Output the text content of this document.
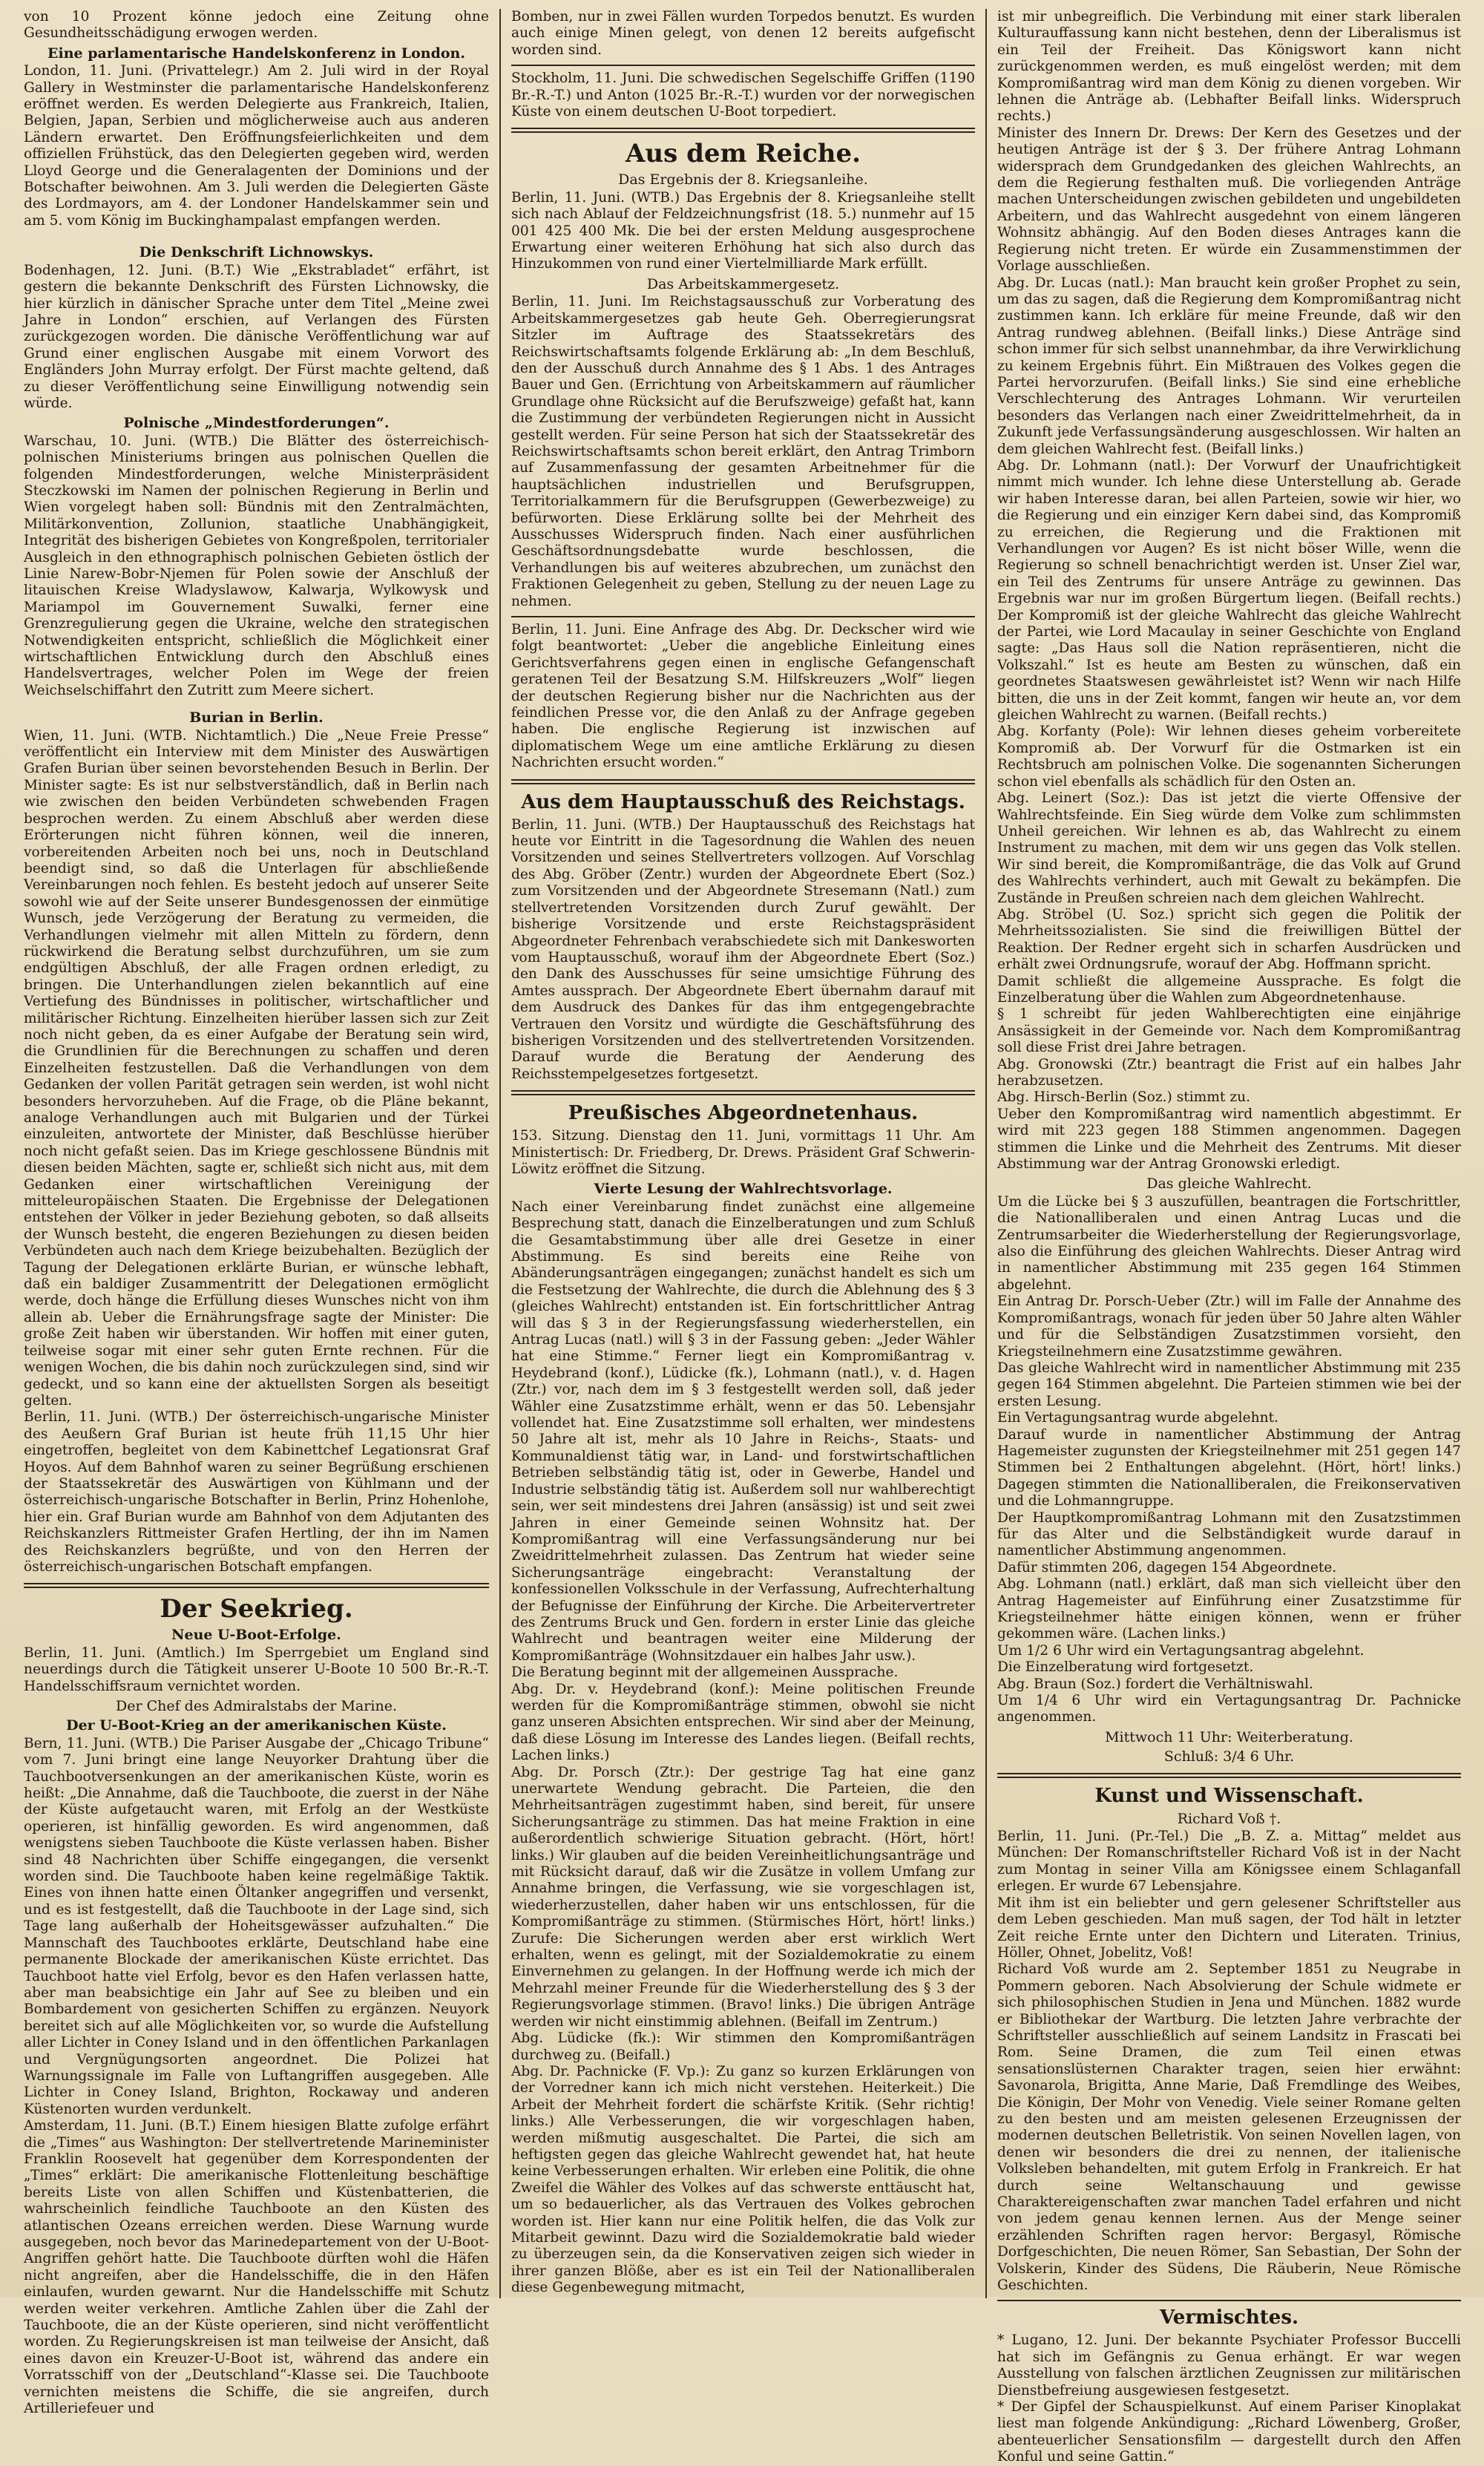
von 10 Prozent könne jedoch eine Zeitung ohne Gesundheitsschädigung erwogen werden.

Eine parlamentarische Handelskonferenz in London.

London, 11. Juni. (Privattelegr.) Am 2. Juli wird in der Royal Gallery in Westminster die parlamentarische Handelskonferenz eröffnet werden. Es werden Delegierte aus Frankreich, Italien, Belgien, Japan, Serbien und möglicherweise auch aus anderen Ländern erwartet. Den Eröffnungsfeierlichkeiten und dem offiziellen Frühstück, das den Delegierten gegeben wird, werden Lloyd George und die Generalagenten der Dominions und der Botschafter beiwohnen. Am 3. Juli werden die Delegierten Gäste des Lordmayors, am 4. der Londoner Handelskammer sein und am 5. vom König im Buckinghampalast empfangen werden.

Die Denkschrift Lichnowskys.

Bodenhagen, 12. Juni. (B.T.) Wie „Ekstrabladet“ erfährt, ist gestern die bekannte Denkschrift des Fürsten Lichnowsky, die hier kürzlich in dänischer Sprache unter dem Titel „Meine zwei Jahre in London“ erschien, auf Verlangen des Fürsten zurückgezogen worden. Die dänische Veröffentlichung war auf Grund einer englischen Ausgabe mit einem Vorwort des Engländers John Murray erfolgt. Der Fürst machte geltend, daß zu dieser Veröffentlichung seine Einwilligung notwendig sein würde.

Polnische „Mindestforderungen“.

Warschau, 10. Juni. (WTB.) Die Blätter des österreichisch-polnischen Ministeriums bringen aus polnischen Quellen die folgenden Mindestforderungen, welche Ministerpräsident Steczkowski im Namen der polnischen Regierung in Berlin und Wien vorgelegt haben soll: Bündnis mit den Zentralmächten, Militärkonvention, Zollunion, staatliche Unabhängigkeit, Integrität des bisherigen Gebietes von Kongreßpolen, territorialer Ausgleich in den ethnographisch polnischen Gebieten östlich der Linie Narew-Bobr-Njemen für Polen sowie der Anschluß der litauischen Kreise Wladyslawow, Kalwarja, Wylkowysk und Mariampol im Gouvernement Suwalki, ferner eine Grenzregulierung gegen die Ukraine, welche den strategischen Notwendigkeiten entspricht, schließlich die Möglichkeit einer wirtschaftlichen Entwicklung durch den Abschluß eines Handelsvertrages, welcher Polen im Wege der freien Weichselschiffahrt den Zutritt zum Meere sichert.

Burian in Berlin.

Wien, 11. Juni. (WTB. Nichtamtlich.) Die „Neue Freie Presse“ veröffentlicht ein Interview mit dem Minister des Auswärtigen Grafen Burian über seinen bevorstehenden Besuch in Berlin. Der Minister sagte: Es ist nur selbstverständlich, daß in Berlin nach wie zwischen den beiden Verbündeten schwebenden Fragen besprochen werden. Zu einem Abschluß aber werden diese Erörterungen nicht führen können, weil die inneren, vorbereitenden Arbeiten noch bei uns, noch in Deutschland beendigt sind, so daß die Unterlagen für abschließende Vereinbarungen noch fehlen. Es besteht jedoch auf unserer Seite sowohl wie auf der Seite unserer Bundesgenossen der einmütige Wunsch, jede Verzögerung der Beratung zu vermeiden, die Verhandlungen vielmehr mit allen Mitteln zu fördern, denn rückwirkend die Beratung selbst durchzuführen, um sie zum endgültigen Abschluß, der alle Fragen ordnen erledigt, zu bringen. Die Unterhandlungen zielen bekanntlich auf eine Vertiefung des Bündnisses in politischer, wirtschaftlicher und militärischer Richtung. Einzelheiten hierüber lassen sich zur Zeit noch nicht geben, da es einer Aufgabe der Beratung sein wird, die Grundlinien für die Berechnungen zu schaffen und deren Einzelheiten festzustellen. Daß die Verhandlungen von dem Gedanken der vollen Parität getragen sein werden, ist wohl nicht besonders hervorzuheben. Auf die Frage, ob die Pläne bekannt, analoge Verhandlungen auch mit Bulgarien und der Türkei einzuleiten, antwortete der Minister, daß Beschlüsse hierüber noch nicht gefaßt seien. Das im Kriege geschlossene Bündnis mit diesen beiden Mächten, sagte er, schließt sich nicht aus, mit dem Gedanken einer wirtschaftlichen Vereinigung der mitteleuropäischen Staaten. Die Ergebnisse der Delegationen entstehen der Völker in jeder Beziehung geboten, so daß allseits der Wunsch besteht, die engeren Beziehungen zu diesen beiden Verbündeten auch nach dem Kriege beizubehalten. Bezüglich der Tagung der Delegationen erklärte Burian, er wünsche lebhaft, daß ein baldiger Zusammentritt der Delegationen ermöglicht werde, doch hänge die Erfüllung dieses Wunsches nicht von ihm allein ab. Ueber die Ernährungsfrage sagte der Minister: Die große Zeit haben wir überstanden. Wir hoffen mit einer guten, teilweise sogar mit einer sehr guten Ernte rechnen. Für die wenigen Wochen, die bis dahin noch zurückzulegen sind, sind wir gedeckt, und so kann eine der aktuellsten Sorgen als beseitigt gelten.

Berlin, 11. Juni. (WTB.) Der österreichisch-ungarische Minister des Aeußern Graf Burian ist heute früh 11,15 Uhr hier eingetroffen, begleitet von dem Kabinettchef Legationsrat Graf Hoyos. Auf dem Bahnhof waren zu seiner Begrüßung erschienen der Staatssekretär des Auswärtigen von Kühlmann und der österreichisch-ungarische Botschafter in Berlin, Prinz Hohenlohe, hier ein. Graf Burian wurde am Bahnhof von dem Adjutanten des Reichskanzlers Rittmeister Grafen Hertling, der ihn im Namen des Reichskanzlers begrüßte, und von den Herren der österreichisch-ungarischen Botschaft empfangen.

Der Seekrieg.

Neue U-Boot-Erfolge.

Berlin, 11. Juni. (Amtlich.) Im Sperrgebiet um England sind neuerdings durch die Tätigkeit unserer U-Boote 10 500 Br.-R.-T. Handelsschiffsraum vernichtet worden.

Der Chef des Admiralstabs der Marine.

Der U-Boot-Krieg an der amerikanischen Küste.

Bern, 11. Juni. (WTB.) Die Pariser Ausgabe der „Chicago Tribune“ vom 7. Juni bringt eine lange Neuyorker Drahtung über die Tauchbootversenkungen an der amerikanischen Küste, worin es heißt: „Die Annahme, daß die Tauchboote, die zuerst in der Nähe der Küste aufgetaucht waren, mit Erfolg an der Westküste operieren, ist hinfällig geworden. Es wird angenommen, daß wenigstens sieben Tauchboote die Küste verlassen haben. Bisher sind 48 Nachrichten über Schiffe eingegangen, die versenkt worden sind. Die Tauchboote haben keine regelmäßige Taktik. Eines von ihnen hatte einen Öltanker angegriffen und versenkt, und es ist festgestellt, daß die Tauchboote in der Lage sind, sich Tage lang außerhalb der Hoheitsgewässer aufzuhalten.“ Die Mannschaft des Tauchbootes erklärte, Deutschland habe eine permanente Blockade der amerikanischen Küste errichtet. Das Tauchboot hatte viel Erfolg, bevor es den Hafen verlassen hatte, aber man beabsichtige ein Jahr auf See zu bleiben und ein Bombardement von gesicherten Schiffen zu ergänzen. Neuyork bereitet sich auf alle Möglichkeiten vor, so wurde die Aufstellung aller Lichter in Coney Island und in den öffentlichen Parkanlagen und Vergnügungsorten angeordnet. Die Polizei hat Warnungssignale im Falle von Luftangriffen ausgegeben. Alle Lichter in Coney Island, Brighton, Rockaway und anderen Küstenorten wurden verdunkelt.

Amsterdam, 11. Juni. (B.T.) Einem hiesigen Blatte zufolge erfährt die „Times“ aus Washington: Der stellvertretende Marineminister Franklin Roosevelt hat gegenüber dem Korrespondenten der „Times“ erklärt: Die amerikanische Flottenleitung beschäftige bereits Liste von allen Schiffen und Küstenbatterien, die wahrscheinlich feindliche Tauchboote an den Küsten des atlantischen Ozeans erreichen werden. Diese Warnung wurde ausgegeben, noch bevor das Marinedepartement von der U-Boot-Angriffen gehört hatte. Die Tauchboote dürften wohl die Häfen nicht angreifen, aber die Handelsschiffe, die in den Häfen einlaufen, wurden gewarnt. Nur die Handelsschiffe mit Schutz werden weiter verkehren. Amtliche Zahlen über die Zahl der Tauchboote, die an der Küste operieren, sind nicht veröffentlicht worden. Zu Regierungskreisen ist man teilweise der Ansicht, daß eines davon ein Kreuzer-U-Boot ist, während das andere ein Vorratsschiff von der „Deutschland“-Klasse sei. Die Tauchboote vernichten meistens die Schiffe, die sie angreifen, durch Artilleriefeuer und

Bomben, nur in zwei Fällen wurden Torpedos benutzt. Es wurden auch einige Minen gelegt, von denen 12 bereits aufgefischt worden sind.

Stockholm, 11. Juni. Die schwedischen Segelschiffe Griffen (1190 Br.-R.-T.) und Anton (1025 Br.-R.-T.) wurden vor der norwegischen Küste von einem deutschen U-Boot torpediert.

Aus dem Reiche.

Das Ergebnis der 8. Kriegsanleihe.

Berlin, 11. Juni. (WTB.) Das Ergebnis der 8. Kriegsanleihe stellt sich nach Ablauf der Feldzeichnungsfrist (18. 5.) nunmehr auf 15 001 425 400 Mk. Die bei der ersten Meldung ausgesprochene Erwartung einer weiteren Erhöhung hat sich also durch das Hinzukommen von rund einer Viertelmilliarde Mark erfüllt.

Das Arbeitskammergesetz.

Berlin, 11. Juni. Im Reichstagsausschuß zur Vorberatung des Arbeitskammergesetzes gab heute Geh. Oberregierungsrat Sitzler im Auftrage des Staatssekretärs des Reichswirtschaftsamts folgende Erklärung ab: „In dem Beschluß, den der Ausschuß durch Annahme des § 1 Abs. 1 des Antrages Bauer und Gen. (Errichtung von Arbeitskammern auf räumlicher Grundlage ohne Rücksicht auf die Berufszweige) gefaßt hat, kann die Zustimmung der verbündeten Regierungen nicht in Aussicht gestellt werden. Für seine Person hat sich der Staatssekretär des Reichswirtschaftsamts schon bereit erklärt, den Antrag Trimborn auf Zusammenfassung der gesamten Arbeitnehmer für die hauptsächlichen industriellen und Berufsgruppen, Territorialkammern für die Berufsgruppen (Gewerbezweige) zu befürworten. Diese Erklärung sollte bei der Mehrheit des Ausschusses Widerspruch finden. Nach einer ausführlichen Geschäftsordnungsdebatte wurde beschlossen, die Verhandlungen bis auf weiteres abzubrechen, um zunächst den Fraktionen Gelegenheit zu geben, Stellung zu der neuen Lage zu nehmen.

Berlin, 11. Juni. Eine Anfrage des Abg. Dr. Deckscher wird wie folgt beantwortet: „Ueber die angebliche Einleitung eines Gerichtsverfahrens gegen einen in englische Gefangenschaft geratenen Teil der Besatzung S.M. Hilfskreuzers „Wolf“ liegen der deutschen Regierung bisher nur die Nachrichten aus der feindlichen Presse vor, die den Anlaß zu der Anfrage gegeben haben. Die englische Regierung ist inzwischen auf diplomatischem Wege um eine amtliche Erklärung zu diesen Nachrichten ersucht worden.“

Aus dem Hauptausschuß des Reichstags.

Berlin, 11. Juni. (WTB.) Der Hauptausschuß des Reichstags hat heute vor Eintritt in die Tagesordnung die Wahlen des neuen Vorsitzenden und seines Stellvertreters vollzogen. Auf Vorschlag des Abg. Gröber (Zentr.) wurden der Abgeordnete Ebert (Soz.) zum Vorsitzenden und der Abgeordnete Stresemann (Natl.) zum stellvertretenden Vorsitzenden durch Zuruf gewählt. Der bisherige Vorsitzende und erste Reichstagspräsident Abgeordneter Fehrenbach verabschiedete sich mit Dankesworten vom Hauptausschuß, worauf ihm der Abgeordnete Ebert (Soz.) den Dank des Ausschusses für seine umsichtige Führung des Amtes aussprach. Der Abgeordnete Ebert übernahm darauf mit dem Ausdruck des Dankes für das ihm entgegengebrachte Vertrauen den Vorsitz und würdigte die Geschäftsführung des bisherigen Vorsitzenden und des stellvertretenden Vorsitzenden. Darauf wurde die Beratung der Aenderung des Reichsstempelgesetzes fortgesetzt.

Preußisches Abgeordnetenhaus.

153. Sitzung. Dienstag den 11. Juni, vormittags 11 Uhr. Am Ministertisch: Dr. Friedberg, Dr. Drews. Präsident Graf Schwerin-Löwitz eröffnet die Sitzung.

Vierte Lesung der Wahlrechtsvorlage.

Nach einer Vereinbarung findet zunächst eine allgemeine Besprechung statt, danach die Einzelberatungen und zum Schluß die Gesamtabstimmung über alle drei Gesetze in einer Abstimmung. Es sind bereits eine Reihe von Abänderungsanträgen eingegangen; zunächst handelt es sich um die Festsetzung der Wahlrechte, die durch die Ablehnung des § 3 (gleiches Wahlrecht) entstanden ist. Ein fortschrittlicher Antrag will das § 3 in der Regierungsfassung wiederherstellen, ein Antrag Lucas (natl.) will § 3 in der Fassung geben: „Jeder Wähler hat eine Stimme.“ Ferner liegt ein Kompromißantrag v. Heydebrand (konf.), Lüdicke (fk.), Lohmann (natl.), v. d. Hagen (Ztr.) vor, nach dem im § 3 festgestellt werden soll, daß jeder Wähler eine Zusatzstimme erhält, wenn er das 50. Lebensjahr vollendet hat. Eine Zusatzstimme soll erhalten, wer mindestens 50 Jahre alt ist, mehr als 10 Jahre in Reichs-, Staats- und Kommunaldienst tätig war, in Land- und forstwirtschaftlichen Betrieben selbständig tätig ist, oder in Gewerbe, Handel und Industrie selbständig tätig ist. Außerdem soll nur wahlberechtigt sein, wer seit mindestens drei Jahren (ansässig) ist und seit zwei Jahren in einer Gemeinde seinen Wohnsitz hat. Der Kompromißantrag will eine Verfassungsänderung nur bei Zweidrittelmehrheit zulassen. Das Zentrum hat wieder seine Sicherungsanträge eingebracht: Veranstaltung der konfessionellen Volksschule in der Verfassung, Aufrechterhaltung der Befugnisse der Einführung der Kirche. Die Arbeitervertreter des Zentrums Bruck und Gen. fordern in erster Linie das gleiche Wahlrecht und beantragen weiter eine Milderung der Kompromißanträge (Wohnsitzdauer ein halbes Jahr usw.).

Die Beratung beginnt mit der allgemeinen Aussprache.

Abg. Dr. v. Heydebrand (konf.): Meine politischen Freunde werden für die Kompromißanträge stimmen, obwohl sie nicht ganz unseren Absichten entsprechen. Wir sind aber der Meinung, daß diese Lösung im Interesse des Landes liegen. (Beifall rechts, Lachen links.)

Abg. Dr. Porsch (Ztr.): Der gestrige Tag hat eine ganz unerwartete Wendung gebracht. Die Parteien, die den Mehrheitsanträgen zugestimmt haben, sind bereit, für unsere Sicherungsanträge zu stimmen. Das hat meine Fraktion in eine außerordentlich schwierige Situation gebracht. (Hört, hört! links.) Wir glauben auf die beiden Vereinheitlichungsanträge und mit Rücksicht darauf, daß wir die Zusätze in vollem Umfang zur Annahme bringen, die Verfassung, wie sie vorgeschlagen ist, wiederherzustellen, daher haben wir uns entschlossen, für die Kompromißanträge zu stimmen. (Stürmisches Hört, hört! links.) Zurufe: Die Sicherungen werden aber erst wirklich Wert erhalten, wenn es gelingt, mit der Sozialdemokratie zu einem Einvernehmen zu gelangen. In der Hoffnung werde ich mich der Mehrzahl meiner Freunde für die Wiederherstellung des § 3 der Regierungsvorlage stimmen. (Bravo! links.) Die übrigen Anträge werden wir nicht einstimmig ablehnen. (Beifall im Zentrum.)

Abg. Lüdicke (fk.): Wir stimmen den Kompromißanträgen durchweg zu. (Beifall.)

Abg. Dr. Pachnicke (F. Vp.): Zu ganz so kurzen Erklärungen von der Vorredner kann ich mich nicht verstehen. Heiterkeit.) Die Arbeit der Mehrheit fordert die schärfste Kritik. (Sehr richtig! links.) Alle Verbesserungen, die wir vorgeschlagen haben, werden mißmutig ausgeschaltet. Die Partei, die sich am heftigsten gegen das gleiche Wahlrecht gewendet hat, hat heute keine Verbesserungen erhalten. Wir erleben eine Politik, die ohne Zweifel die Wähler des Volkes auf das schwerste enttäuscht hat, um so bedauerlicher, als das Vertrauen des Volkes gebrochen worden ist. Hier kann nur eine Politik helfen, die das Volk zur Mitarbeit gewinnt. Dazu wird die Sozialdemokratie bald wieder zu überzeugen sein, da die Konservativen zeigen sich wieder in ihrer ganzen Blöße, aber es ist ein Teil der Nationalliberalen diese Gegenbewegung mitmacht,

ist mir unbegreiflich. Die Verbindung mit einer stark liberalen Kulturauffassung kann nicht bestehen, denn der Liberalismus ist ein Teil der Freiheit. Das Königswort kann nicht zurückgenommen werden, es muß eingelöst werden; mit dem Kompromißantrag wird man dem König zu dienen vorgeben. Wir lehnen die Anträge ab. (Lebhafter Beifall links. Widerspruch rechts.)

Minister des Innern Dr. Drews: Der Kern des Gesetzes und der heutigen Anträge ist der § 3. Der frühere Antrag Lohmann widersprach dem Grundgedanken des gleichen Wahlrechts, an dem die Regierung festhalten muß. Die vorliegenden Anträge machen Unterscheidungen zwischen gebildeten und ungebildeten Arbeitern, und das Wahlrecht ausgedehnt von einem längeren Wohnsitz abhängig. Auf den Boden dieses Antrages kann die Regierung nicht treten. Er würde ein Zusammenstimmen der Vorlage ausschließen.

Abg. Dr. Lucas (natl.): Man braucht kein großer Prophet zu sein, um das zu sagen, daß die Regierung dem Kompromißantrag nicht zustimmen kann. Ich erkläre für meine Freunde, daß wir den Antrag rundweg ablehnen. (Beifall links.) Diese Anträge sind schon immer für sich selbst unannehmbar, da ihre Verwirklichung zu keinem Ergebnis führt. Ein Mißtrauen des Volkes gegen die Partei hervorzurufen. (Beifall links.) Sie sind eine erhebliche Verschlechterung des Antrages Lohmann. Wir verurteilen besonders das Verlangen nach einer Zweidrittelmehrheit, da in Zukunft jede Verfassungsänderung ausgeschlossen. Wir halten an dem gleichen Wahlrecht fest. (Beifall links.)

Abg. Dr. Lohmann (natl.): Der Vorwurf der Unaufrichtigkeit nimmt mich wunder. Ich lehne diese Unterstellung ab. Gerade wir haben Interesse daran, bei allen Parteien, sowie wir hier, wo die Regierung und ein einziger Kern dabei sind, das Kompromiß zu erreichen, die Regierung und die Fraktionen mit Verhandlungen vor Augen? Es ist nicht böser Wille, wenn die Regierung so schnell benachrichtigt werden ist. Unser Ziel war, ein Teil des Zentrums für unsere Anträge zu gewinnen. Das Ergebnis war nur im großen Bürgertum liegen. (Beifall rechts.) Der Kompromiß ist der gleiche Wahlrecht das gleiche Wahlrecht der Partei, wie Lord Macaulay in seiner Geschichte von England sagte: „Das Haus soll die Nation repräsentieren, nicht die Volkszahl.“ Ist es heute am Besten zu wünschen, daß ein geordnetes Staatswesen gewährleistet ist? Wenn wir nach Hilfe bitten, die uns in der Zeit kommt, fangen wir heute an, vor dem gleichen Wahlrecht zu warnen. (Beifall rechts.)

Abg. Korfanty (Pole): Wir lehnen dieses geheim vorbereitete Kompromiß ab. Der Vorwurf für die Ostmarken ist ein Rechtsbruch am polnischen Volke. Die sogenannten Sicherungen schon viel ebenfalls als schädlich für den Osten an.

Abg. Leinert (Soz.): Das ist jetzt die vierte Offensive der Wahlrechtsfeinde. Ein Sieg würde dem Volke zum schlimmsten Unheil gereichen. Wir lehnen es ab, das Wahlrecht zu einem Instrument zu machen, mit dem wir uns gegen das Volk stellen. Wir sind bereit, die Kompromißanträge, die das Volk auf Grund des Wahlrechts verhindert, auch mit Gewalt zu bekämpfen. Die Zustände in Preußen schreien nach dem gleichen Wahlrecht.

Abg. Ströbel (U. Soz.) spricht sich gegen die Politik der Mehrheitssozialisten. Sie sind die freiwilligen Büttel der Reaktion. Der Redner ergeht sich in scharfen Ausdrücken und erhält zwei Ordnungsrufe, worauf der Abg. Hoffmann spricht.

Damit schließt die allgemeine Aussprache. Es folgt die Einzelberatung über die Wahlen zum Abgeordnetenhause.

§ 1 schreibt für jeden Wahlberechtigten eine einjährige Ansässigkeit in der Gemeinde vor. Nach dem Kompromißantrag soll diese Frist drei Jahre betragen.

Abg. Gronowski (Ztr.) beantragt die Frist auf ein halbes Jahr herabzusetzen.

Abg. Hirsch-Berlin (Soz.) stimmt zu.

Ueber den Kompromißantrag wird namentlich abgestimmt. Er wird mit 223 gegen 188 Stimmen angenommen. Dagegen stimmen die Linke und die Mehrheit des Zentrums. Mit dieser Abstimmung war der Antrag Gronowski erledigt.

Das gleiche Wahlrecht.

Um die Lücke bei § 3 auszufüllen, beantragen die Fortschrittler, die Nationalliberalen und einen Antrag Lucas und die Zentrumsarbeiter die Wiederherstellung der Regierungsvorlage, also die Einführung des gleichen Wahlrechts. Dieser Antrag wird in namentlicher Abstimmung mit 235 gegen 164 Stimmen abgelehnt.

Ein Antrag Dr. Porsch-Ueber (Ztr.) will im Falle der Annahme des Kompromißantrags, wonach für jeden über 50 Jahre alten Wähler und für die Selbständigen Zusatzstimmen vorsieht, den Kriegsteilnehmern eine Zusatzstimme gewähren.

Das gleiche Wahlrecht wird in namentlicher Abstimmung mit 235 gegen 164 Stimmen abgelehnt. Die Parteien stimmen wie bei der ersten Lesung.

Ein Vertagungsantrag wurde abgelehnt.

Darauf wurde in namentlicher Abstimmung der Antrag Hagemeister zugunsten der Kriegsteilnehmer mit 251 gegen 147 Stimmen bei 2 Enthaltungen abgelehnt. (Hört, hört! links.) Dagegen stimmten die Nationalliberalen, die Freikonservativen und die Lohmanngruppe.

Der Hauptkompromißantrag Lohmann mit den Zusatzstimmen für das Alter und die Selbständigkeit wurde darauf in namentlicher Abstimmung angenommen.

Dafür stimmten 206, dagegen 154 Abgeordnete.

Abg. Lohmann (natl.) erklärt, daß man sich vielleicht über den Antrag Hagemeister auf Einführung einer Zusatzstimme für Kriegsteilnehmer hätte einigen können, wenn er früher gekommen wäre. (Lachen links.)

Um 1/2 6 Uhr wird ein Vertagungsantrag abgelehnt.

Die Einzelberatung wird fortgesetzt.

Abg. Braun (Soz.) fordert die Verhältniswahl.

Um 1/4 6 Uhr wird ein Vertagungsantrag Dr. Pachnicke angenommen.

Mittwoch 11 Uhr: Weiterberatung.

Schluß: 3/4 6 Uhr.

Kunst und Wissenschaft.

Richard Voß †.

Berlin, 11. Juni. (Pr.-Tel.) Die „B. Z. a. Mittag“ meldet aus München: Der Romanschriftsteller Richard Voß ist in der Nacht zum Montag in seiner Villa am Königssee einem Schlaganfall erlegen. Er wurde 67 Lebensjahre.

Mit ihm ist ein beliebter und gern gelesener Schriftsteller aus dem Leben geschieden. Man muß sagen, der Tod hält in letzter Zeit reiche Ernte unter den Dichtern und Literaten. Trinius, Höller, Ohnet, Jobelitz, Voß!

Richard Voß wurde am 2. September 1851 zu Neugrabe in Pommern geboren. Nach Absolvierung der Schule widmete er sich philosophischen Studien in Jena und München. 1882 wurde er Bibliothekar der Wartburg. Die letzten Jahre verbrachte der Schriftsteller ausschließlich auf seinem Landsitz in Frascati bei Rom. Seine Dramen, die zum Teil einen etwas sensationslüsternen Charakter tragen, seien hier erwähnt: Savonarola, Brigitta, Anne Marie, Daß Fremdlinge des Weibes, Die Königin, Der Mohr von Venedig. Viele seiner Romane gelten zu den besten und am meisten gelesenen Erzeugnissen der modernen deutschen Belletristik. Von seinen Novellen lagen, von denen wir besonders die drei zu nennen, der italienische Volksleben behandelten, mit gutem Erfolg in Frankreich. Er hat durch seine Weltanschauung und gewisse Charaktereigenschaften zwar manchen Tadel erfahren und nicht von jedem genau kennen lernen. Aus der Menge seiner erzählenden Schriften ragen hervor: Bergasyl, Römische Dorfgeschichten, Die neuen Römer, San Sebastian, Der Sohn der Volskerin, Kinder des Südens, Die Räuberin, Neue Römische Geschichten.

Vermischtes.

* Lugano, 12. Juni. Der bekannte Psychiater Professor Buccelli hat sich im Gefängnis zu Genua erhängt. Er war wegen Ausstellung von falschen ärztlichen Zeugnissen zur militärischen Dienstbefreiung ausgewiesen festgesetzt.

* Der Gipfel der Schauspielkunst. Auf einem Pariser Kinoplakat liest man folgende Ankündigung: „Richard Löwenberg, Großer, abenteuerlicher Sensationsfilm — dargestellt durch den Affen Konful und seine Gattin.“
